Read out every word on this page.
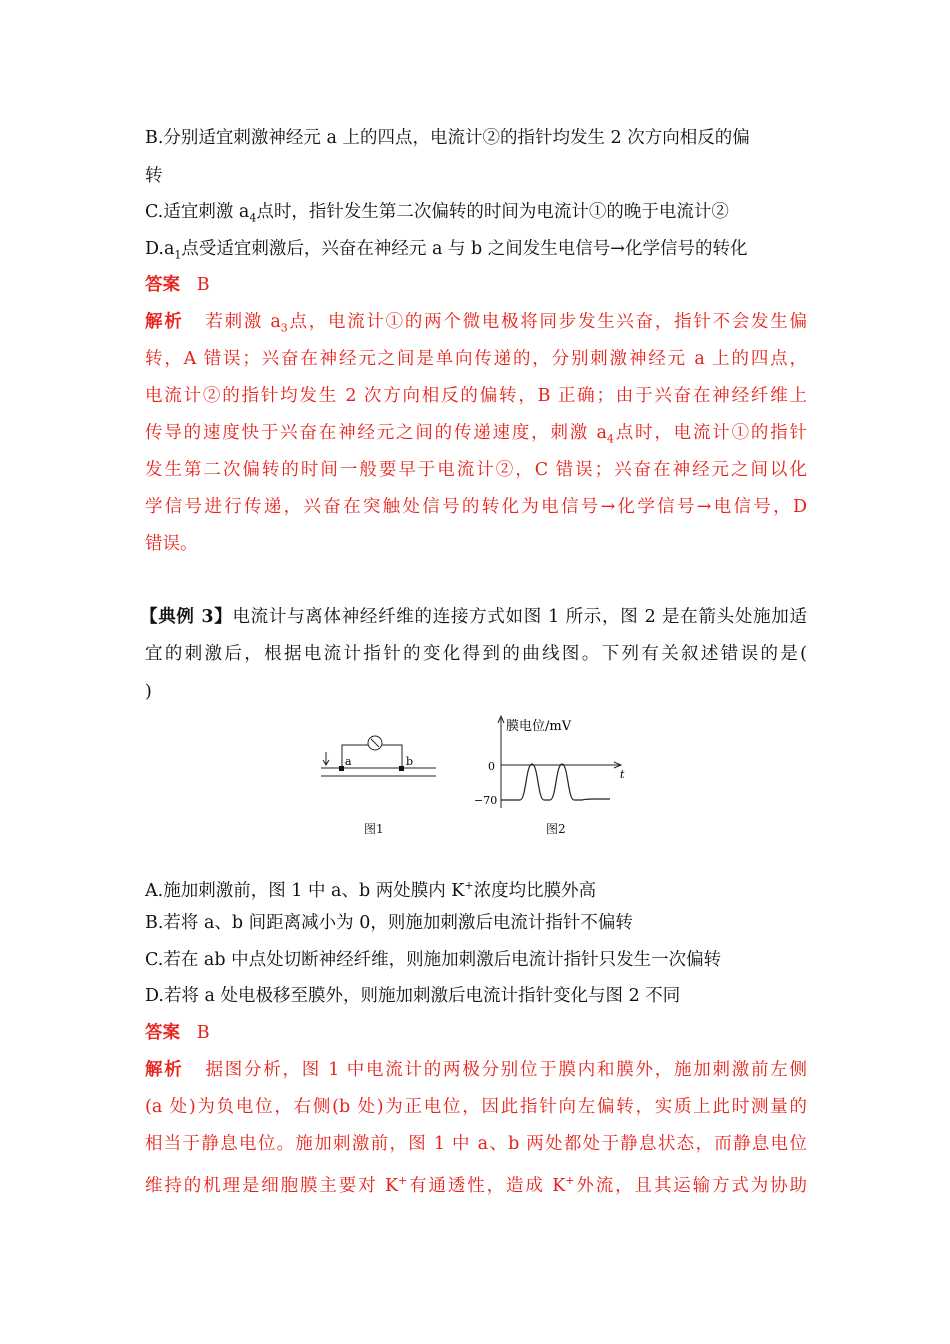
B.分别适宜刺激神经元 a 上的四点，电流计②的指针均发生 2 次方向相反的偏
转
C.适宜刺激 $a_4$点时，指针发生第二次偏转的时间为电流计①的晚于电流计②
$D.a_1$点受适宜刺激后，兴奋在神经元 a 与 b 之间发生电信号→化学信号的转化
答案 B
解析 若刺激 $a_3$点，电流计①的两个微电极将同步发生兴奋，指针不会发生偏
转，A 错误；兴奋在神经元之间是单向传递的，分别刺激神经元 a 上的四点，
电流计②的指针均发生 2 次方向相反的偏转，B 正确；由于兴奋在神经纤维上
传导的速度快于兴奋在神经元之间的传递速度，刺激 $a_4$点时，电流计①的指针
发生第二次偏转的时间一般要早于电流计②，C 错误；兴奋在神经元之间以化
学信号进行传递，兴奋在突触处信号的转化为电信号→化学信号→电信号，D
错误。
【典例 3】电流计与离体神经纤维的连接方式如图 1 所示，图 2 是在箭头处施加适
宜的刺激后，根据电流计指针的变化得到的曲线图。下列有关叙述错误的是(
)
a	b
图1
膜电位/mV
0
−70
t
图2
A.施加刺激前，图 1 中 a、b 两处膜内 K+浓度均比膜外高
B.若将 a、b 间距离减小为 0，则施加刺激后电流计指针不偏转
C.若在 ab 中点处切断神经纤维，则施加刺激后电流计指针只发生一次偏转
D.若将 a 处电极移至膜外，则施加刺激后电流计指针变化与图 2 不同
答案 B
解析 据图分析，图 1 中电流计的两极分别位于膜内和膜外，施加刺激前左侧
(a 处)为负电位，右侧(b 处)为正电位，因此指针向左偏转，实质上此时测量的
相当于静息电位。施加刺激前，图 1 中 a、b 两处都处于静息状态，而静息电位
维持的机理是细胞膜主要对 K+有通透性，造成 K+外流，且其运输方式为协助
